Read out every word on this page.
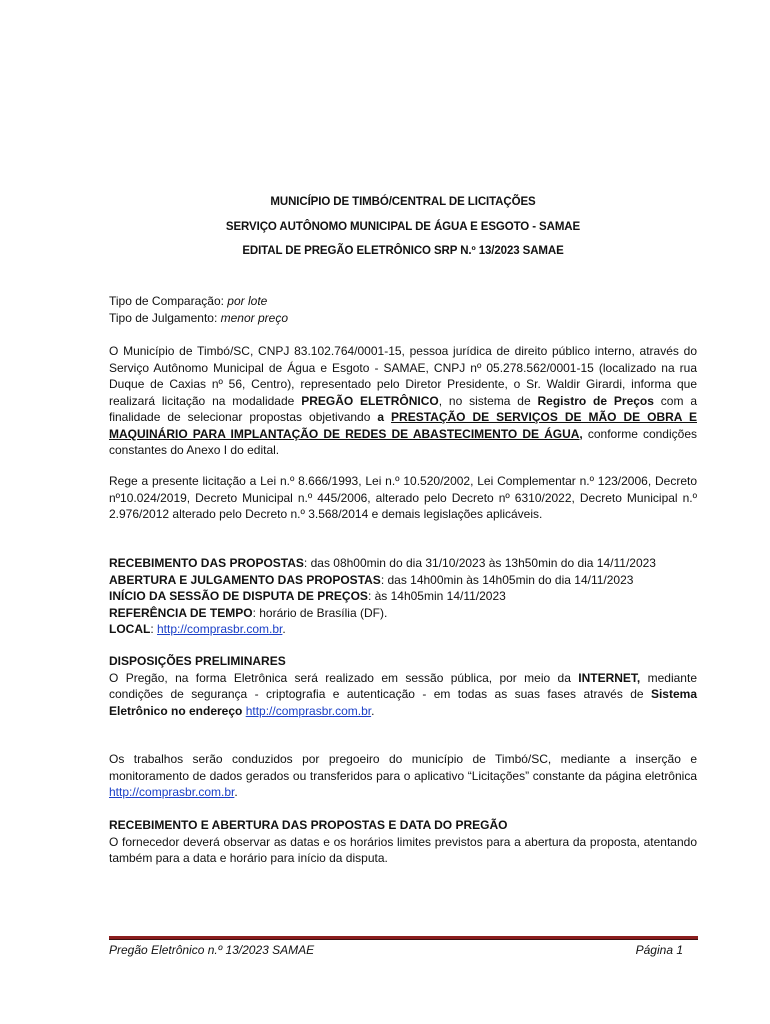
MUNICÍPIO DE TIMBÓ/CENTRAL DE LICITAÇÕES
SERVIÇO AUTÔNOMO MUNICIPAL DE ÁGUA E ESGOTO - SAMAE
EDITAL DE PREGÃO ELETRÔNICO SRP N.º 13/2023 SAMAE
Tipo de Comparação: por lote
Tipo de Julgamento: menor preço
O Município de Timbó/SC, CNPJ 83.102.764/0001-15, pessoa jurídica de direito público interno, através do Serviço Autônomo Municipal de Água e Esgoto - SAMAE, CNPJ nº 05.278.562/0001-15 (localizado na rua Duque de Caxias nº 56, Centro), representado pelo Diretor Presidente, o Sr. Waldir Girardi, informa que realizará licitação na modalidade PREGÃO ELETRÔNICO, no sistema de Registro de Preços com a finalidade de selecionar propostas objetivando a PRESTAÇÃO DE SERVIÇOS DE MÃO DE OBRA E MAQUINÁRIO PARA IMPLANTAÇÃO DE REDES DE ABASTECIMENTO DE ÁGUA, conforme condições constantes do Anexo I do edital.
Rege a presente licitação a Lei n.º 8.666/1993, Lei n.º 10.520/2002, Lei Complementar n.º 123/2006, Decreto nº10.024/2019, Decreto Municipal n.º 445/2006, alterado pelo Decreto nº 6310/2022, Decreto Municipal n.º 2.976/2012 alterado pelo Decreto n.º 3.568/2014 e demais legislações aplicáveis.
RECEBIMENTO DAS PROPOSTAS: das 08h00min do dia 31/10/2023 às 13h50min do dia 14/11/2023
ABERTURA E JULGAMENTO DAS PROPOSTAS: das 14h00min às 14h05min do dia 14/11/2023
INÍCIO DA SESSÃO DE DISPUTA DE PREÇOS: às 14h05min 14/11/2023
REFERÊNCIA DE TEMPO: horário de Brasília (DF).
LOCAL: http://comprasbr.com.br.
DISPOSIÇÕES PRELIMINARES
O Pregão, na forma Eletrônica será realizado em sessão pública, por meio da INTERNET, mediante condições de segurança - criptografia e autenticação - em todas as suas fases através de Sistema Eletrônico no endereço http://comprasbr.com.br.
Os trabalhos serão conduzidos por pregoeiro do município de Timbó/SC, mediante a inserção e monitoramento de dados gerados ou transferidos para o aplicativo “Licitações” constante da página eletrônica http://comprasbr.com.br.
RECEBIMENTO E ABERTURA DAS PROPOSTAS E DATA DO PREGÃO
O fornecedor deverá observar as datas e os horários limites previstos para a abertura da proposta, atentando também para a data e horário para início da disputa.
Pregão Eletrônico n.º 13/2023 SAMAE	Página 1
